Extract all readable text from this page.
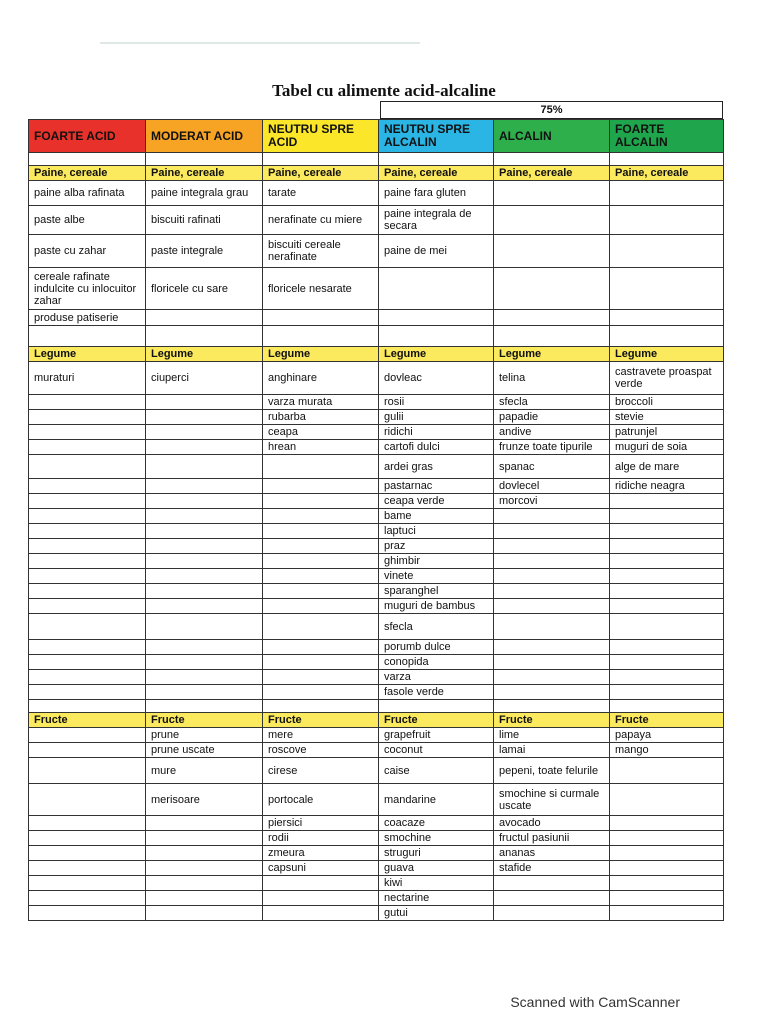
Tabel cu alimente acid-alcaline
75%
FOARTE ACID	MODERAT ACID	NEUTRU SPRE ACID	NEUTRU SPRE ALCALIN	ALCALIN	FOARTE ALCALIN

Paine, cereale	Paine, cereale	Paine, cereale	Paine, cereale	Paine, cereale	Paine, cereale
paine alba rafinata	paine integrala grau	tarate	paine fara gluten		
paste albe	biscuiti rafinati	nerafinate cu miere	paine integrala de secara		
paste cu zahar	paste integrale	biscuiti cereale nerafinate	paine de mei		
cereale rafinate indulcite cu inlocuitor zahar	floricele cu sare	floricele nesarate			
produse patiserie					

Legume	Legume	Legume	Legume	Legume	Legume
muraturi	ciuperci	anghinare	dovleac	telina	castravete proaspat verde
		varza murata	rosii	sfecla	broccoli
		rubarba	gulii	papadie	stevie
		ceapa	ridichi	andive	patrunjel
		hrean	cartofi dulci	frunze toate tipurile	muguri de soia
			ardei gras	spanac	alge de mare
			pastarnac	dovlecel	ridiche neagra
			ceapa verde	morcovi	
			bame		
			laptuci		
			praz		
			ghimbir		
			vinete		
			sparanghel		
			muguri de bambus		
			sfecla		
			porumb dulce		
			conopida		
			varza		
			fasole verde		

Fructe	Fructe	Fructe	Fructe	Fructe	Fructe
	prune	mere	grapefruit	lime	papaya
	prune uscate	roscove	coconut	lamai	mango
	mure	cirese	caise	pepeni, toate felurile	
	merisoare	portocale	mandarine	smochine si curmale uscate	
		piersici	coacaze	avocado	
		rodii	smochine	fructul pasiunii	
		zmeura	struguri	ananas	
		capsuni	guava	stafide	
			kiwi		
			nectarine		
			gutui		
Scanned with CamScanner
